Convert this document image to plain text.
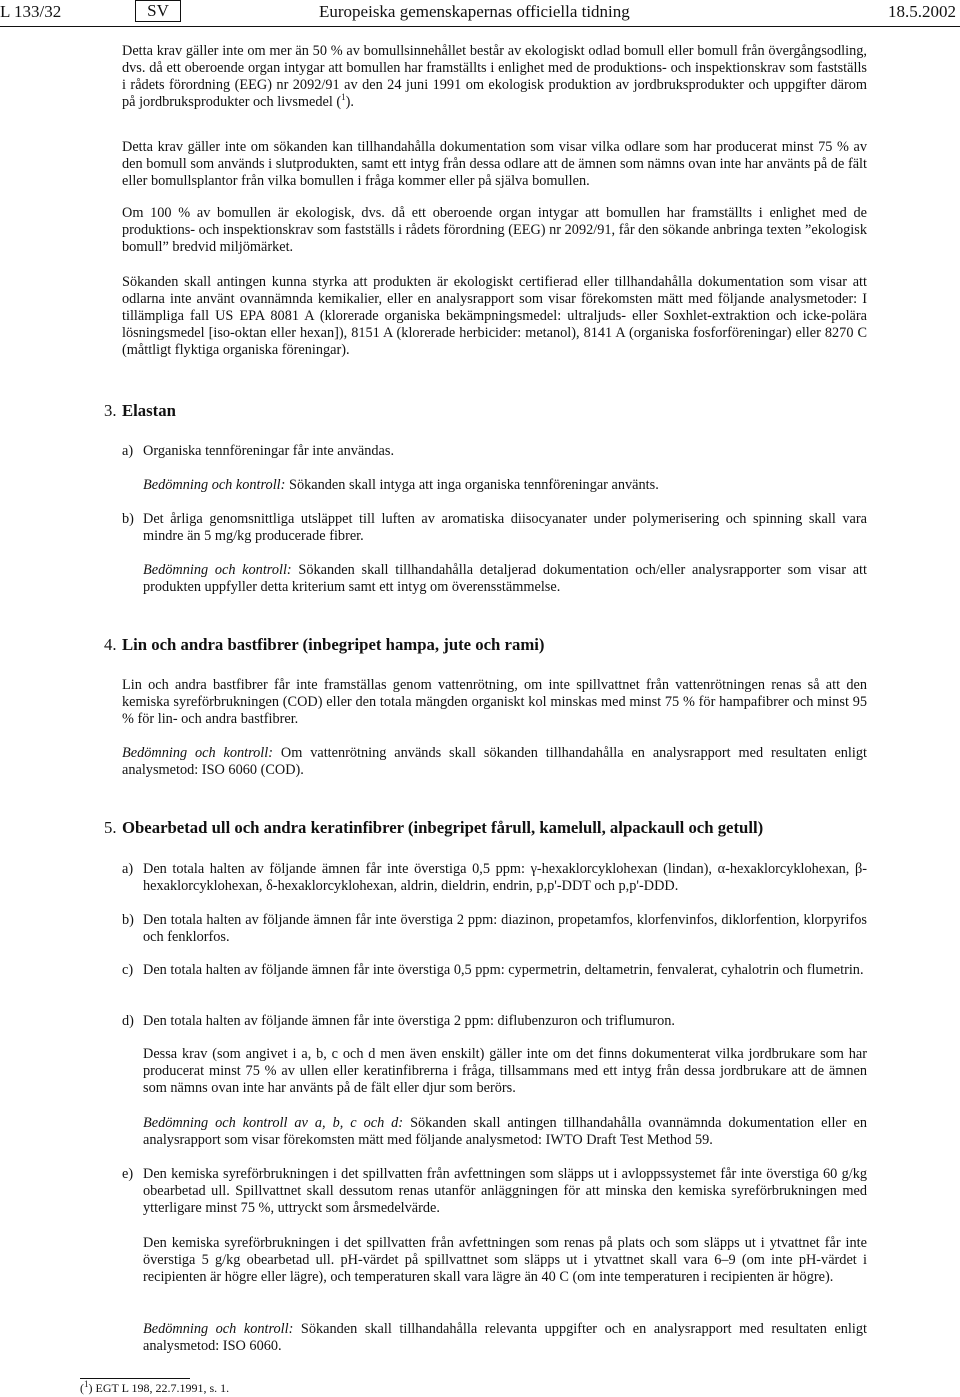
L 133/32	SV	Europeiska gemenskapernas officiella tidning	18.5.2002

Detta krav gäller inte om mer än 50 % av bomullsinnehållet består av ekologiskt odlad bomull eller bomull från övergångsodling, dvs. då ett oberoende organ intygar att bomullen har framställts i enlighet med de produktions- och inspektionskrav som fastställs i rådets förordning (EEG) nr 2092/91 av den 24 juni 1991 om ekologisk produktion av jordbruksprodukter och uppgifter därom på jordbruksprodukter och livsmedel ($^1$).

Detta krav gäller inte om sökanden kan tillhandahålla dokumentation som visar vilka odlare som har producerat minst 75 % av den bomull som används i slutprodukten, samt ett intyg från dessa odlare att de ämnen som nämns ovan inte har använts på de fält eller bomullsplantor från vilka bomullen i fråga kommer eller på själva bomullen.

Om 100 % av bomullen är ekologisk, dvs. då ett oberoende organ intygar att bomullen har framställts i enlighet med de produktions- och inspektionskrav som fastställs i rådets förordning (EEG) nr 2092/91, får den sökande anbringa texten ”ekologisk bomull” bredvid miljömärket.

Sökanden skall antingen kunna styrka att produkten är ekologiskt certifierad eller tillhandahålla dokumentation som visar att odlarna inte använt ovannämnda kemikalier, eller en analysrapport som visar förekomsten mätt med följande analysmetoder: I tillämpliga fall US EPA 8081 A (klorerade organiska bekämpningsmedel: ultraljuds- eller Soxhlet-extraktion och icke-polära lösningsmedel [iso-oktan eller hexan]), 8151 A (klorerade herbicider: metanol), 8141 A (organiska fosforföreningar) eller 8270 C (måttligt flyktiga organiska föreningar).

3. Elastan
a) Organiska tennföreningar får inte användas.

Bedömning och kontroll: Sökanden skall intyga att inga organiska tennföreningar använts.

b) Det årliga genomsnittliga utsläppet till luften av aromatiska diisocyanater under polymerisering och spinning skall vara mindre än 5 mg/kg producerade fibrer.

Bedömning och kontroll: Sökanden skall tillhandahålla detaljerad dokumentation och/eller analysrapporter som visar att produkten uppfyller detta kriterium samt ett intyg om överensstämmelse.

4. Lin och andra bastfibrer (inbegripet hampa, jute och rami)

Lin och andra bastfibrer får inte framställas genom vattenrötning, om inte spillvattnet från vattenrötningen renas så att den kemiska syreförbrukningen (COD) eller den totala mängden organiskt kol minskas med minst 75 % för hampafibrer och minst 95 % för lin- och andra bastfibrer.

Bedömning och kontroll: Om vattenrötning används skall sökanden tillhandahålla en analysrapport med resultaten enligt analysmetod: ISO 6060 (COD).

5. Obearbetad ull och andra keratinfibrer (inbegripet fårull, kamelull, alpackaull och getull)
a) Den totala halten av följande ämnen får inte överstiga 0,5 ppm: γ-hexaklorcyklohexan (lindan), α-hexaklorcyklohexan, β-hexaklorcyklohexan, δ-hexaklorcyklohexan, aldrin, dieldrin, endrin, p,p'-DDT och p,p'-DDD.
b) Den totala halten av följande ämnen får inte överstiga 2 ppm: diazinon, propetamfos, klorfenvinfos, diklorfention, klorpyrifos och fenklorfos.
c) Den totala halten av följande ämnen får inte överstiga 0,5 ppm: cypermetrin, deltametrin, fenvalerat, cyhalotrin och flumetrin.
d) Den totala halten av följande ämnen får inte överstiga 2 ppm: diflubenzuron och triflumuron.

Dessa krav (som angivet i a, b, c och d men även enskilt) gäller inte om det finns dokumenterat vilka jordbrukare som har producerat minst 75 % av ullen eller keratinfibrerna i fråga, tillsammans med ett intyg från dessa jordbrukare att de ämnen som nämns ovan inte har använts på de fält eller djur som berörs.

Bedömning och kontroll av a, b, c och d: Sökanden skall antingen tillhandahålla ovannämnda dokumentation eller en analysrapport som visar förekomsten mätt med följande analysmetod: IWTO Draft Test Method 59.

e) Den kemiska syreförbrukningen i det spillvatten från avfettningen som släpps ut i avloppssystemet får inte överstiga 60 g/kg obearbetad ull. Spillvattnet skall dessutom renas utanför anläggningen för att minska den kemiska syreförbrukningen med ytterligare minst 75 %, uttryckt som årsmedelvärde.

Den kemiska syreförbrukningen i det spillvatten från avfettningen som renas på plats och som släpps ut i ytvattnet får inte överstiga 5 g/kg obearbetad ull. pH-värdet på spillvattnet som släpps ut i ytvattnet skall vara 6–9 (om inte pH-värdet i recipienten är högre eller lägre), och temperaturen skall vara lägre än 40 C (om inte temperaturen i recipienten är högre).

Bedömning och kontroll: Sökanden skall tillhandahålla relevanta uppgifter och en analysrapport med resultaten enligt analysmetod: ISO 6060.

($^1$) EGT L 198, 22.7.1991, s. 1.
